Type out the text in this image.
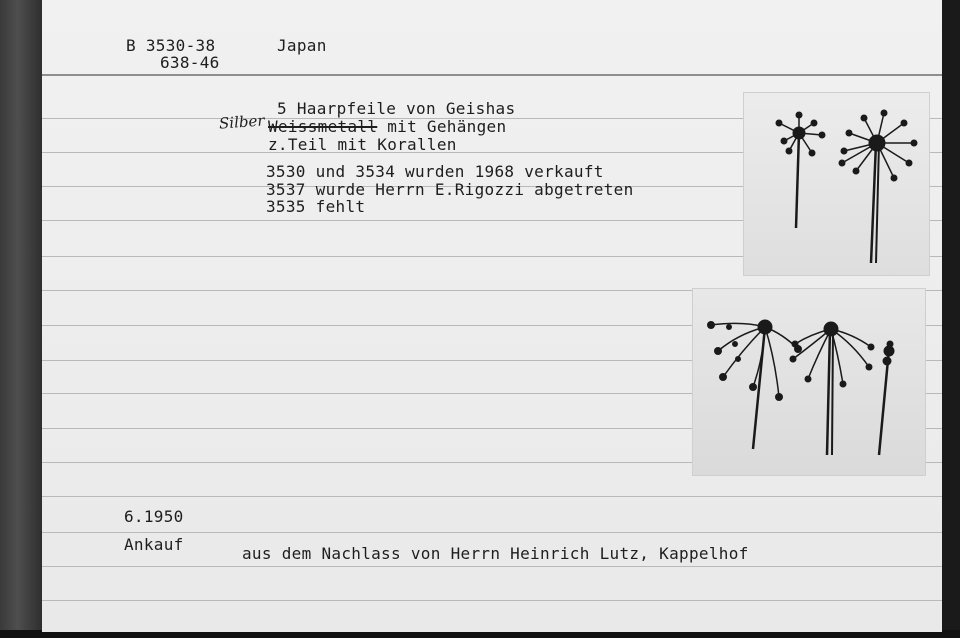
B 3530-38
638-46
Japan
5 Haarpfeile von Geishas
Silber Weissmetall mit Gehängen
z.Teil mit Korallen
3530 und 3534 wurden 1968 verkauft
3537 wurde Herrn E.Rigozzi abgetreten
3535 fehlt
6.1950
Ankauf	aus dem Nachlass von Herrn Heinrich Lutz, Kappelhof
